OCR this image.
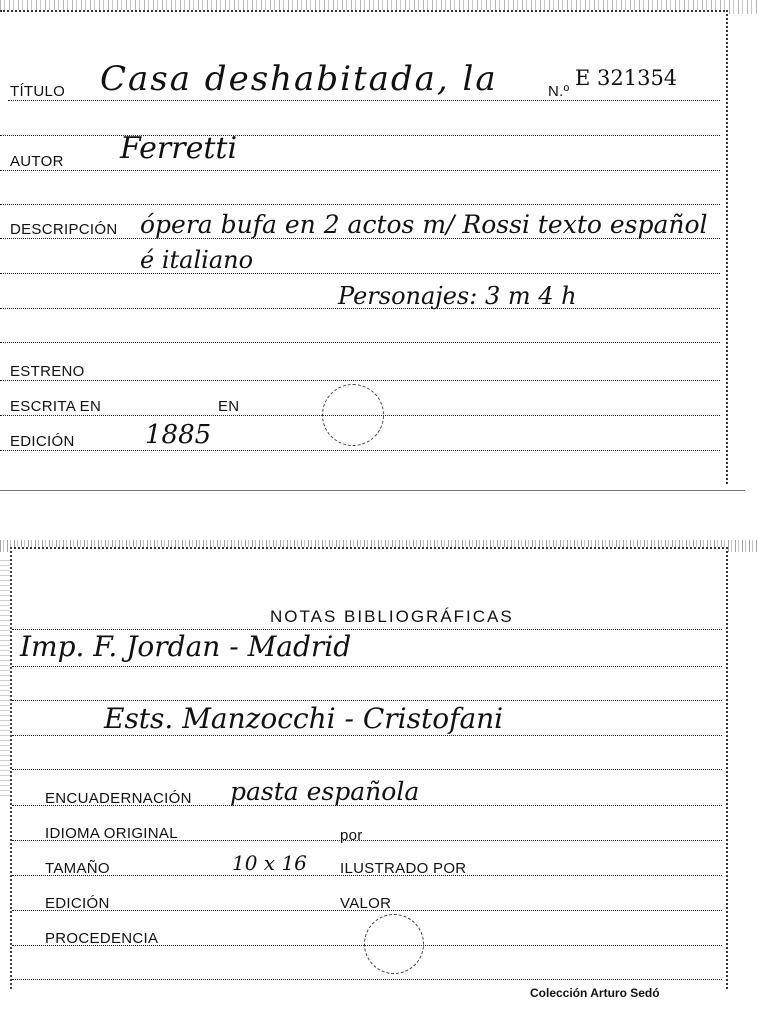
TÍTULO Casa deshabitada, la	N.º
E 321354
AUTOR Ferretti
DESCRIPCIÓN ópera bufa en 2 actos m/ Rossi texto español
é italiano
Personajes: 3 m 4 h
ESTRENO
ESCRITA EN	EN
EDICIÓN	1885
NOTAS BIBLIOGRÁFICAS
Imp. F. Jordan - Madrid
Ests. Manzocchi - Cristofani
ENCUADERNACIÓN pasta española
IDIOMA ORIGINAL	por
TAMAÑO	10 x 16 ILUSTRADO POR
EDICIÓN	VALOR
PROCEDENCIA
Colección Arturo Sedó
